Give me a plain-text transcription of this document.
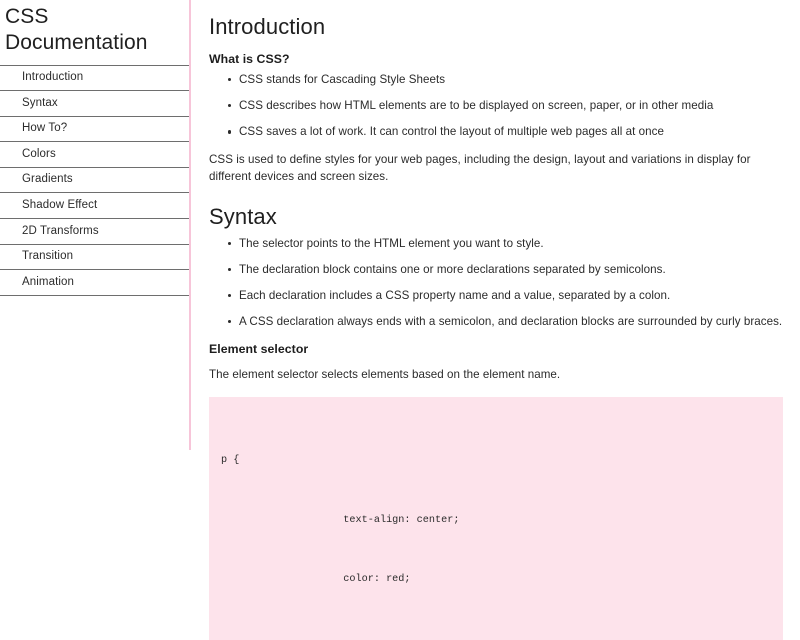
CSS Documentation
Introduction
Syntax
How To?
Colors
Gradients
Shadow Effect
2D Transforms
Transition
Animation
Introduction
What is CSS?
CSS stands for Cascading Style Sheets
CSS describes how HTML elements are to be displayed on screen, paper, or in other media
CSS saves a lot of work. It can control the layout of multiple web pages all at once

CSS is used to define styles for your web pages, including the design, layout and variations in display for different devices and screen sizes.

Syntax
The selector points to the HTML element you want to style.
The declaration block contains one or more declarations separated by semicolons.
Each declaration includes a CSS property name and a value, separated by a colon.
A CSS declaration always ends with a semicolon, and declaration blocks are surrounded by curly braces.
Element selector

The element selector selects elements based on the element name.

p {

text-align: center;

color: red;
